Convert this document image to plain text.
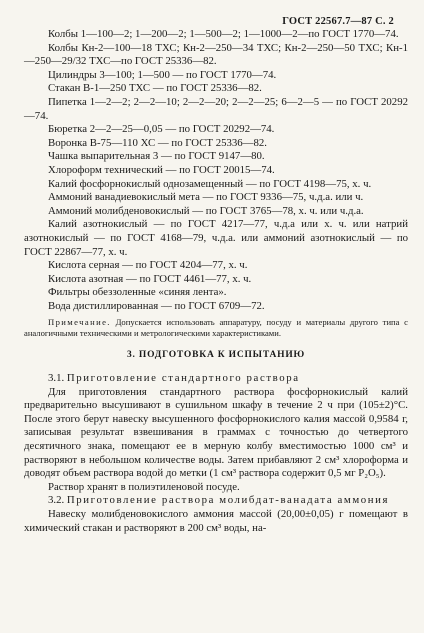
ГОСТ 22567.7—87 С. 2

Колбы 1—100—2; 1—200—2; 1—500—2; 1—1000—2—по ГОСТ 1770—74.

Колбы Кн-2—100—18 ТХС; Кн-2—250—34 ТХС; Кн-2—250—50 ТХС; Кн-1—250—29/32 ТХС—по ГОСТ 25336—82.

Цилиндры 3—100; 1—500 — по ГОСТ 1770—74.

Стакан В-1—250 ТХС — по ГОСТ 25336—82.

Пипетка 1—2—2; 2—2—10; 2—2—20; 2—2—25; 6—2—5 — по ГОСТ 20292—74.

Бюретка 2—2—25—0,05 — по ГОСТ 20292—74.

Воронка В-75—110 ХС — по ГОСТ 25336—82.

Чашка выпарительная 3 — по ГОСТ 9147—80.

Хлороформ технический — по ГОСТ 20015—74.

Калий фосфорнокислый однозамещенный — по ГОСТ 4198—75, х. ч.

Аммоний ванадиевокислый мета — по ГОСТ 9336—75, ч.д.а. или ч.

Аммоний молибденовокислый — по ГОСТ 3765—78, х. ч. или ч.д.а.

Калий азотнокислый — по ГОСТ 4217—77, ч.д.а или х. ч. или натрий азотнокислый — по ГОСТ 4168—79, ч.д.а. или аммоний азотнокислый — по ГОСТ 22867—77, х. ч.

Кислота серная — по ГОСТ 4204—77, х. ч.

Кислота азотная — по ГОСТ 4461—77, х. ч.

Фильтры обеззоленные «синяя лента».

Вода дистиллированная — по ГОСТ 6709—72.

Примечание. Допускается использовать аппаратуру, посуду и материалы другого типа с аналогичными техническими и метрологическими характеристиками.

3. ПОДГОТОВКА К ИСПЫТАНИЮ

3.1. Приготовление стандартного раствора

Для приготовления стандартного раствора фосфорнокислый калий предварительно высушивают в сушильном шкафу в течение 2 ч при (105±2)°С. После этого берут навеску высушенного фосфорнокислого калия массой 0,9584 г, записывая результат взвешивания в граммах с точностью до четвертого десятичного знака, помещают ее в мерную колбу вместимостью 1000 см³ и растворяют в небольшом количестве воды. Затем прибавляют 2 см³ хлороформа и доводят объем раствора водой до метки (1 см³ раствора содержит 0,5 мг P₂O₅).

Раствор хранят в полиэтиленовой посуде.

3.2. Приготовление раствора молибдат-ванадата аммония

Навеску молибденовокислого аммония массой (20,00±0,05) г помещают в химический стакан и растворяют в 200 см³ воды, на-
